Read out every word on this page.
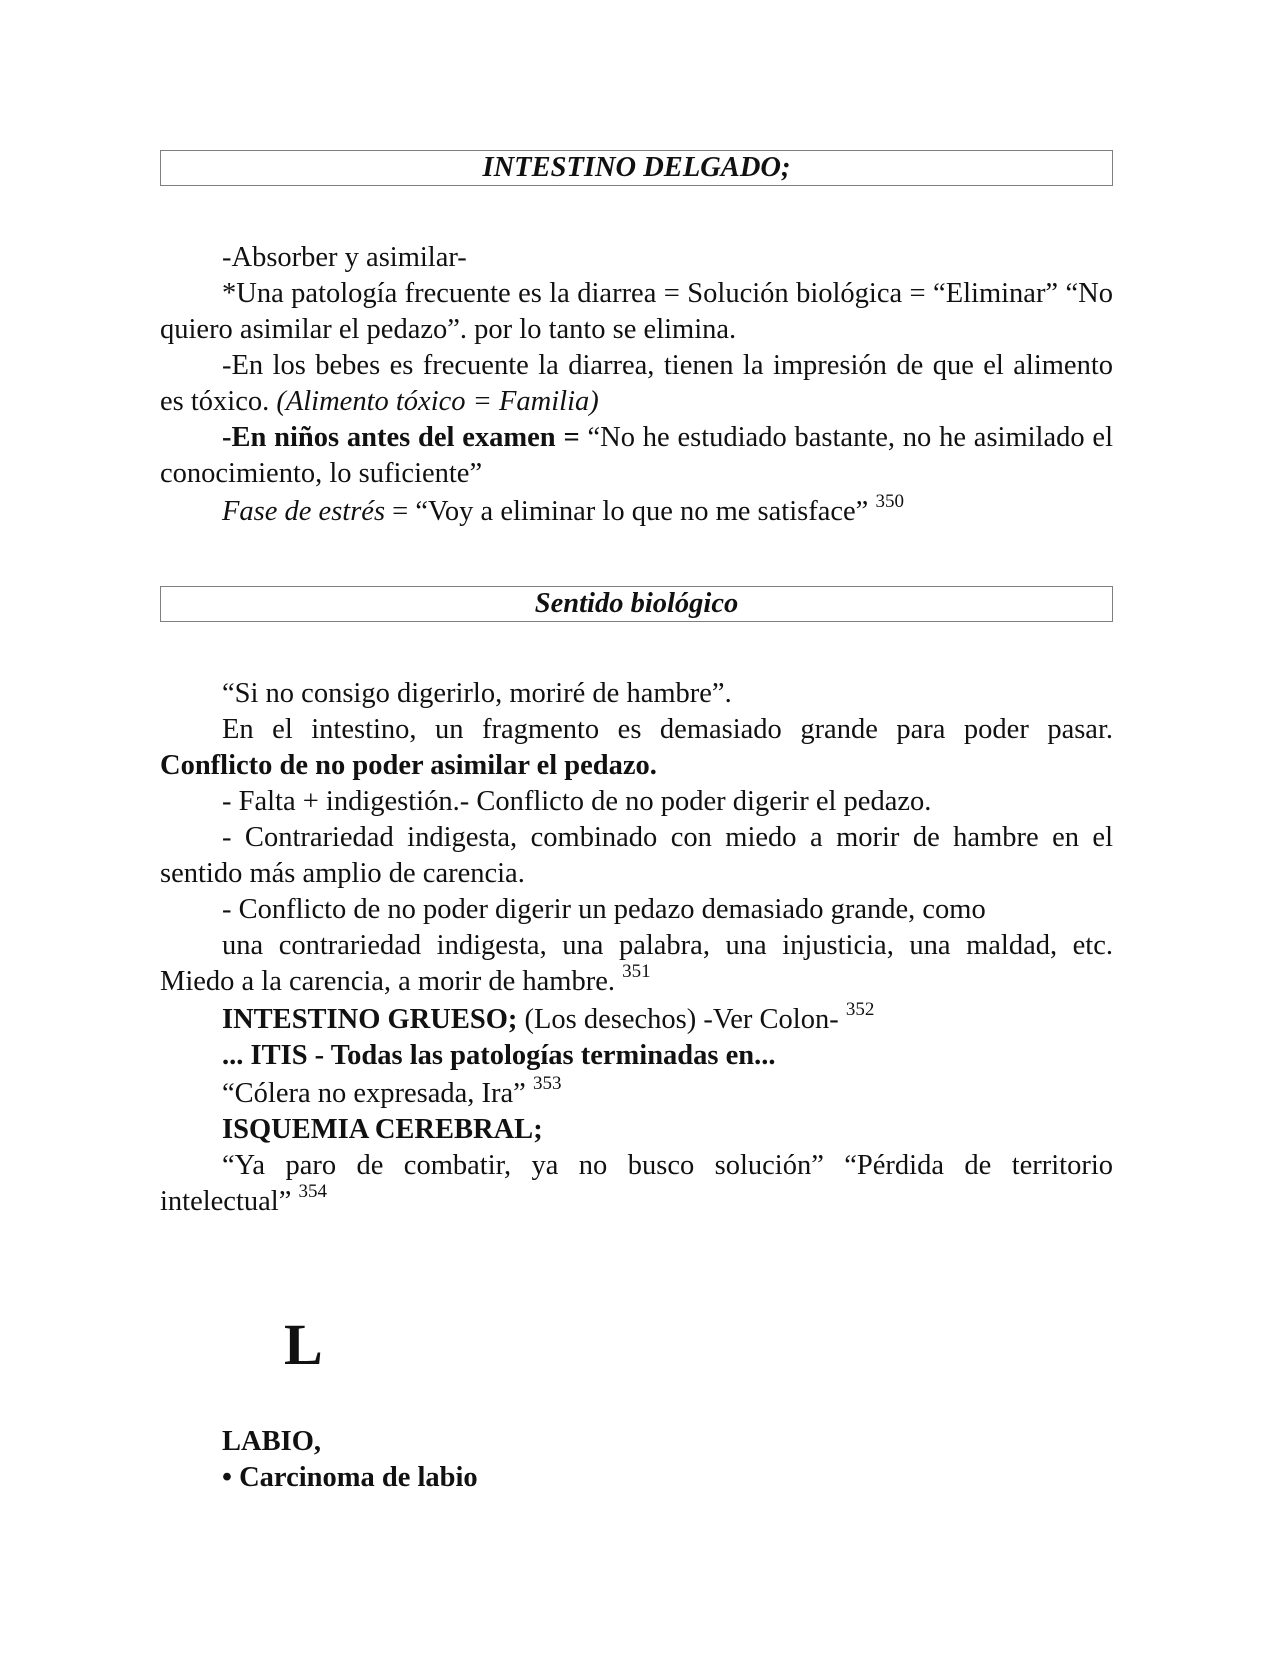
INTESTINO DELGADO;

-Absorber y asimilar-

*Una patología frecuente es la diarrea = Solución biológica = “Eliminar” “No quiero asimilar el pedazo”. por lo tanto se elimina.

-En los bebes es frecuente la diarrea, tienen la impresión de que el alimento es tóxico. (Alimento tóxico = Familia)

-En niños antes del examen = “No he estudiado bastante, no he asimilado el conocimiento, lo suficiente”

Fase de estrés = “Voy a eliminar lo que no me satisface” $^{350}$

Sentido biológico

“Si no consigo digerirlo, moriré de hambre”.

En el intestino, un fragmento es demasiado grande para poder pasar. Conflicto de no poder asimilar el pedazo.

- Falta + indigestión.- Conflicto de no poder digerir el pedazo.

- Contrariedad indigesta, combinado con miedo a morir de hambre en el sentido más amplio de carencia.

- Conflicto de no poder digerir un pedazo demasiado grande, como

una contrariedad indigesta, una palabra, una injusticia, una maldad, etc. Miedo a la carencia, a morir de hambre. $^{351}$

INTESTINO GRUESO; (Los desechos) -Ver Colon- $^{352}$

... ITIS - Todas las patologías terminadas en...

“Cólera no expresada, Ira” $^{353}$

ISQUEMIA CEREBRAL;

“Ya paro de combatir, ya no busco solución” “Pérdida de territorio intelectual” $^{354}$

L

LABIO,

• Carcinoma de labio
